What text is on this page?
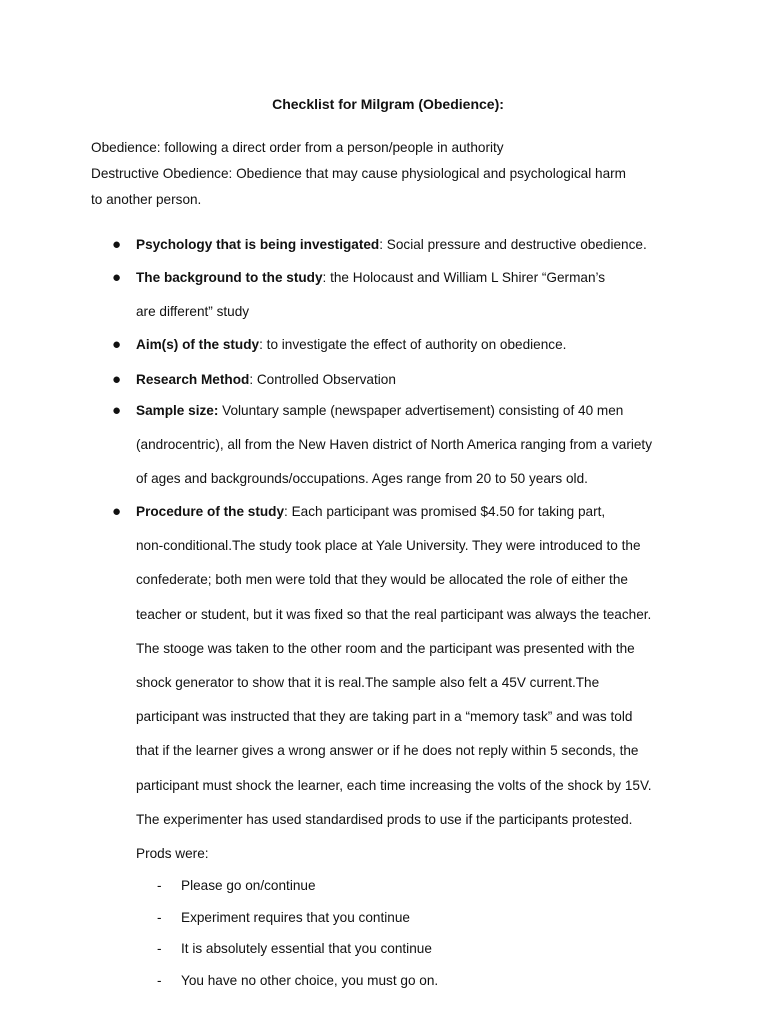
Checklist for Milgram (Obedience):
Obedience: following a direct order from a person/people in authority
Destructive Obedience: Obedience that may cause physiological and psychological harm
to another person.
● Psychology that is being investigated: Social pressure and destructive obedience.
● The background to the study: the Holocaust and William L Shirer “German’s
are different” study
● Aim(s) of the study: to investigate the effect of authority on obedience.
● Research Method: Controlled Observation
● Sample size: Voluntary sample (newspaper advertisement) consisting of 40 men
(androcentric), all from the New Haven district of North America ranging from a variety
of ages and backgrounds/occupations. Ages range from 20 to 50 years old.
● Procedure of the study: Each participant was promised $4.50 for taking part,
non-conditional.The study took place at Yale University. They were introduced to the
confederate; both men were told that they would be allocated the role of either the
teacher or student, but it was fixed so that the real participant was always the teacher.
The stooge was taken to the other room and the participant was presented with the
shock generator to show that it is real.The sample also felt a 45V current.The
participant was instructed that they are taking part in a “memory task” and was told
that if the learner gives a wrong answer or if he does not reply within 5 seconds, the
participant must shock the learner, each time increasing the volts of the shock by 15V.
The experimenter has used standardised prods to use if the participants protested.
Prods were:
- Please go on/continue
- Experiment requires that you continue
- It is absolutely essential that you continue
- You have no other choice, you must go on.
